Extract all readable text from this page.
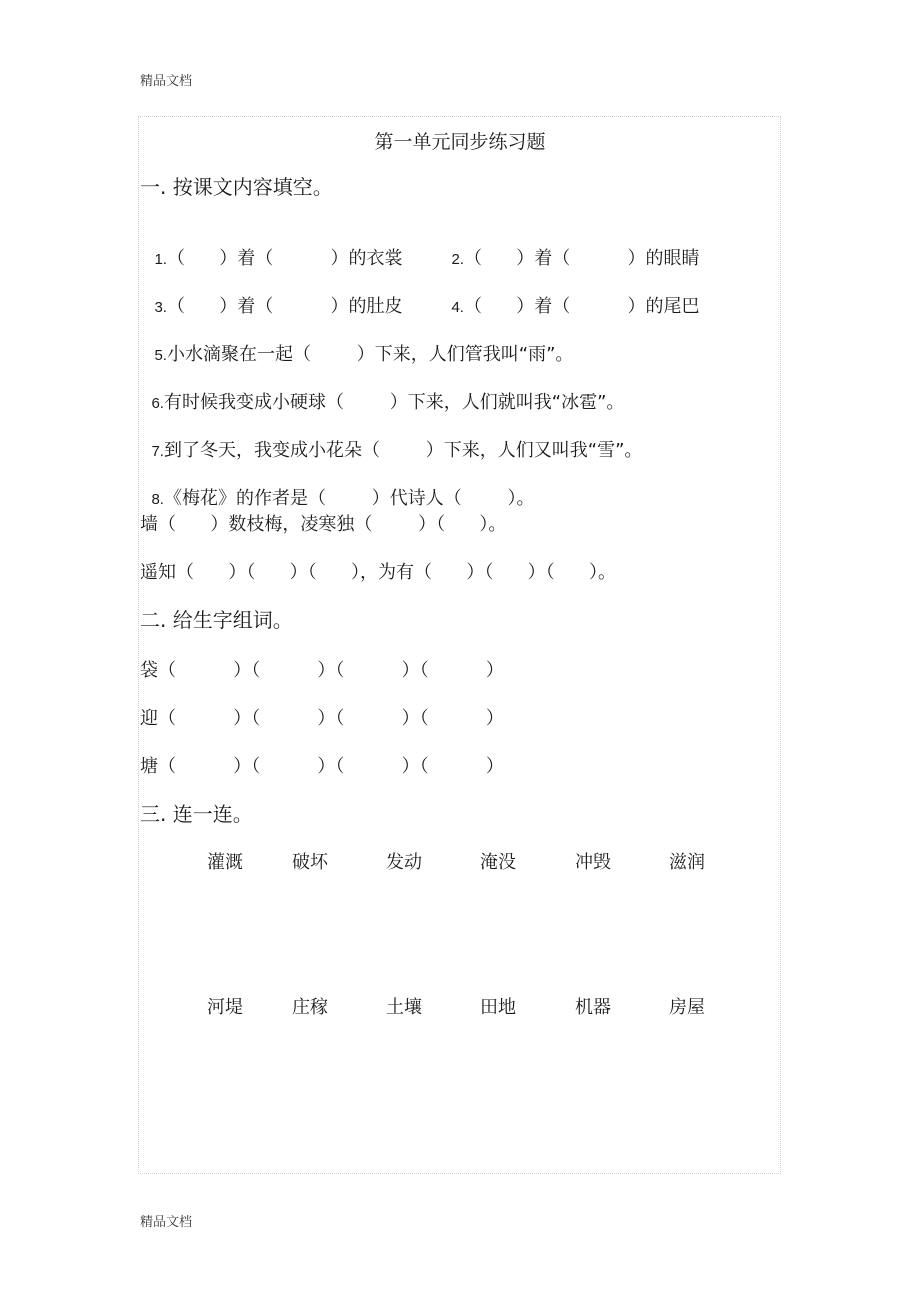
精品文档
第一单元同步练习题
一. 按课文内容填空。

1.（      ）着（          ）的衣裳	2.（      ）着（          ）的眼睛

3.（      ）着（          ）的肚皮	4.（      ）着（          ）的尾巴

5.小水滴聚在一起（        ）下来，人们管我叫“雨”。

6.有时候我变成小硬球（        ）下来，人们就叫我“冰雹”。

7.到了冬天，我变成小花朵（        ）下来，人们又叫我“雪”。

8.《梅花》的作者是（        ）代诗人（        ）。

墙（      ）数枝梅，凌寒独（        ）（      ）。
遥知（      ）（      ）（      ），为有（      ）（      ）（      ）。
二. 给生字组词。
袋（          ）（          ）（          ）（          ）
迎（          ）（          ）（          ）（          ）
塘（          ）（          ）（          ）（          ）
三. 连一连。
灌溉	破坏	发动	淹没	冲毁	滋润
河堤	庄稼	土壤	田地	机器	房屋
精品文档
